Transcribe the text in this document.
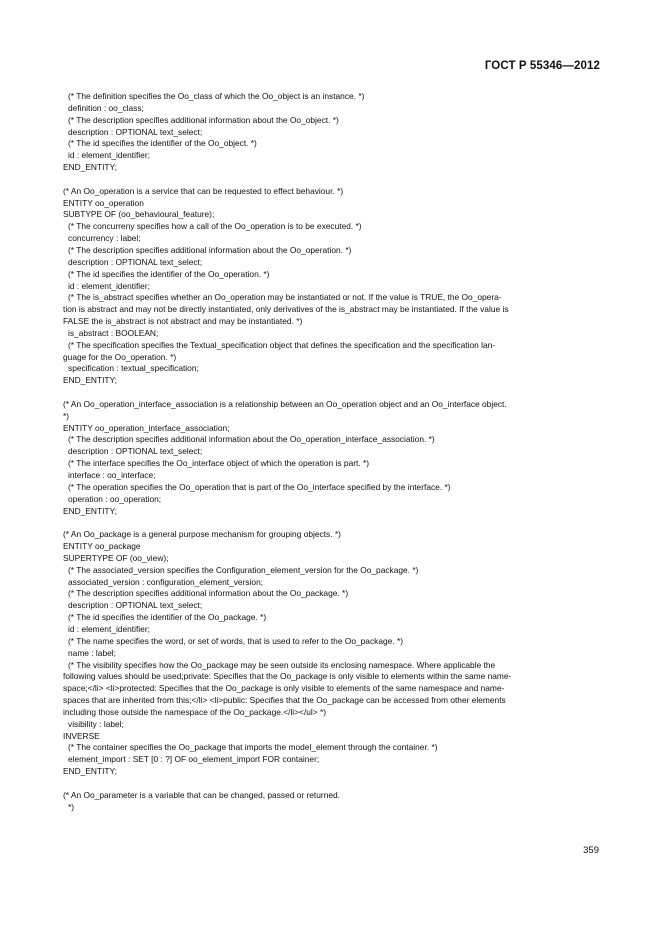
ГОСТ Р 55346—2012
(* The definition specifies the Oo_class of which the Oo_object is an instance. *)
definition : oo_class;
(* The description specifies additional information about the Oo_object. *)
description : OPTIONAL text_select;
(* The id specifies the identifier of the Oo_object. *)
id : element_identifier;
END_ENTITY;
(* An Oo_operation is a service that can be requested to effect behaviour. *)
ENTITY oo_operation
SUBTYPE OF (oo_behavioural_feature);
(* The concurreny specifies how a call of the Oo_operation is to be executed. *)
concurrency : label;
(* The description specifies additional information about the Oo_operation. *)
description : OPTIONAL text_select;
(* The id specifies the identifier of the Oo_operation. *)
id : element_identifier;
(* The is_abstract specifies whether an Oo_operation may be instantiated or not. If the value is TRUE, the Oo_opera-
tion is abstract and may not be directly instantiated, only derivatives of the is_abstract may be instantiated. If the value is
FALSE the is_abstract is not abstract and may be instantiated. *)
is_abstract : BOOLEAN;
(* The specification specifies the Textual_specification object that defines the specification and the specification lan-
guage for the Oo_operation. *)
specification : textual_specification;
END_ENTITY;
(* An Oo_operation_interface_association is a relationship between an Oo_operation object and an Oo_interface object.
*)
ENTITY oo_operation_interface_association;
(* The description specifies additional information about the Oo_operation_interface_association. *)
description : OPTIONAL text_select;
(* The interface specifies the Oo_interface object of which the operation is part. *)
interface : oo_interface;
(* The operation specifies the Oo_operation that is part of the Oo_interface specified by the interface. *)
operation : oo_operation;
END_ENTITY;
(* An Oo_package is a general purpose mechanism for grouping objects. *)
ENTITY oo_package
SUPERTYPE OF (oo_view);
(* The associated_version specifies the Configuration_element_version for the Oo_package. *)
associated_version : configuration_element_version;
(* The description specifies additional information about the Oo_package. *)
description : OPTIONAL text_select;
(* The id specifies the identifier of the Oo_package. *)
id : element_identifier;
(* The name specifies the word, or set of words, that is used to refer to the Oo_package. *)
name : label;
(* The visibility specifies how the Oo_package may be seen outside its enclosing namespace. Where applicable the
following values should be used;private: Specifies that the Oo_package is only visible to elements within the same name-
space;</li> <li>protected: Specifies that the Oo_package is only visible to elements of the same namespace and name-
spaces that are inherited from this;</li> <li>public: Specifies that the Oo_package can be accessed from other elements
including those outside the namespace of the Oo_package.</li></ul> *)
visibility : label;
INVERSE
(* The container specifies the Oo_package that imports the model_element through the container. *)
element_import : SET [0 : ?] OF oo_element_import FOR container;
END_ENTITY;
(* An Oo_parameter is a variable that can be changed, passed or returned.
*)
359
